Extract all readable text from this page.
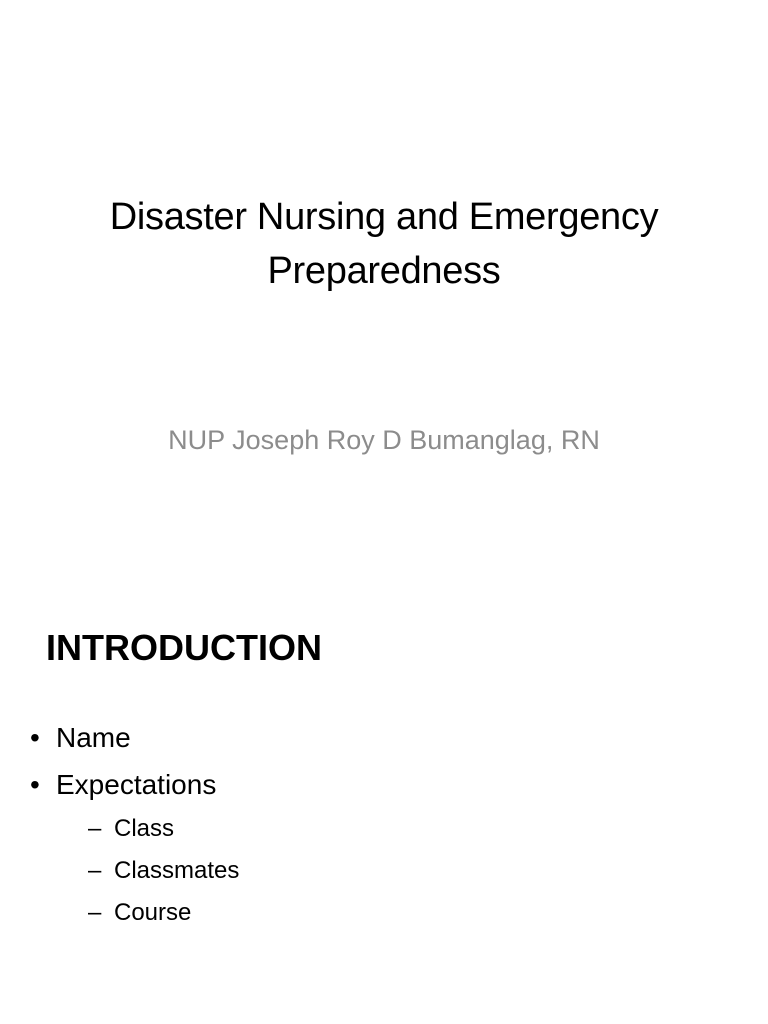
Disaster Nursing and Emergency
Preparedness
NUP Joseph Roy D Bumanglag, RN
INTRODUCTION
• Name
• Expectations
– Class
– Classmates
– Course
